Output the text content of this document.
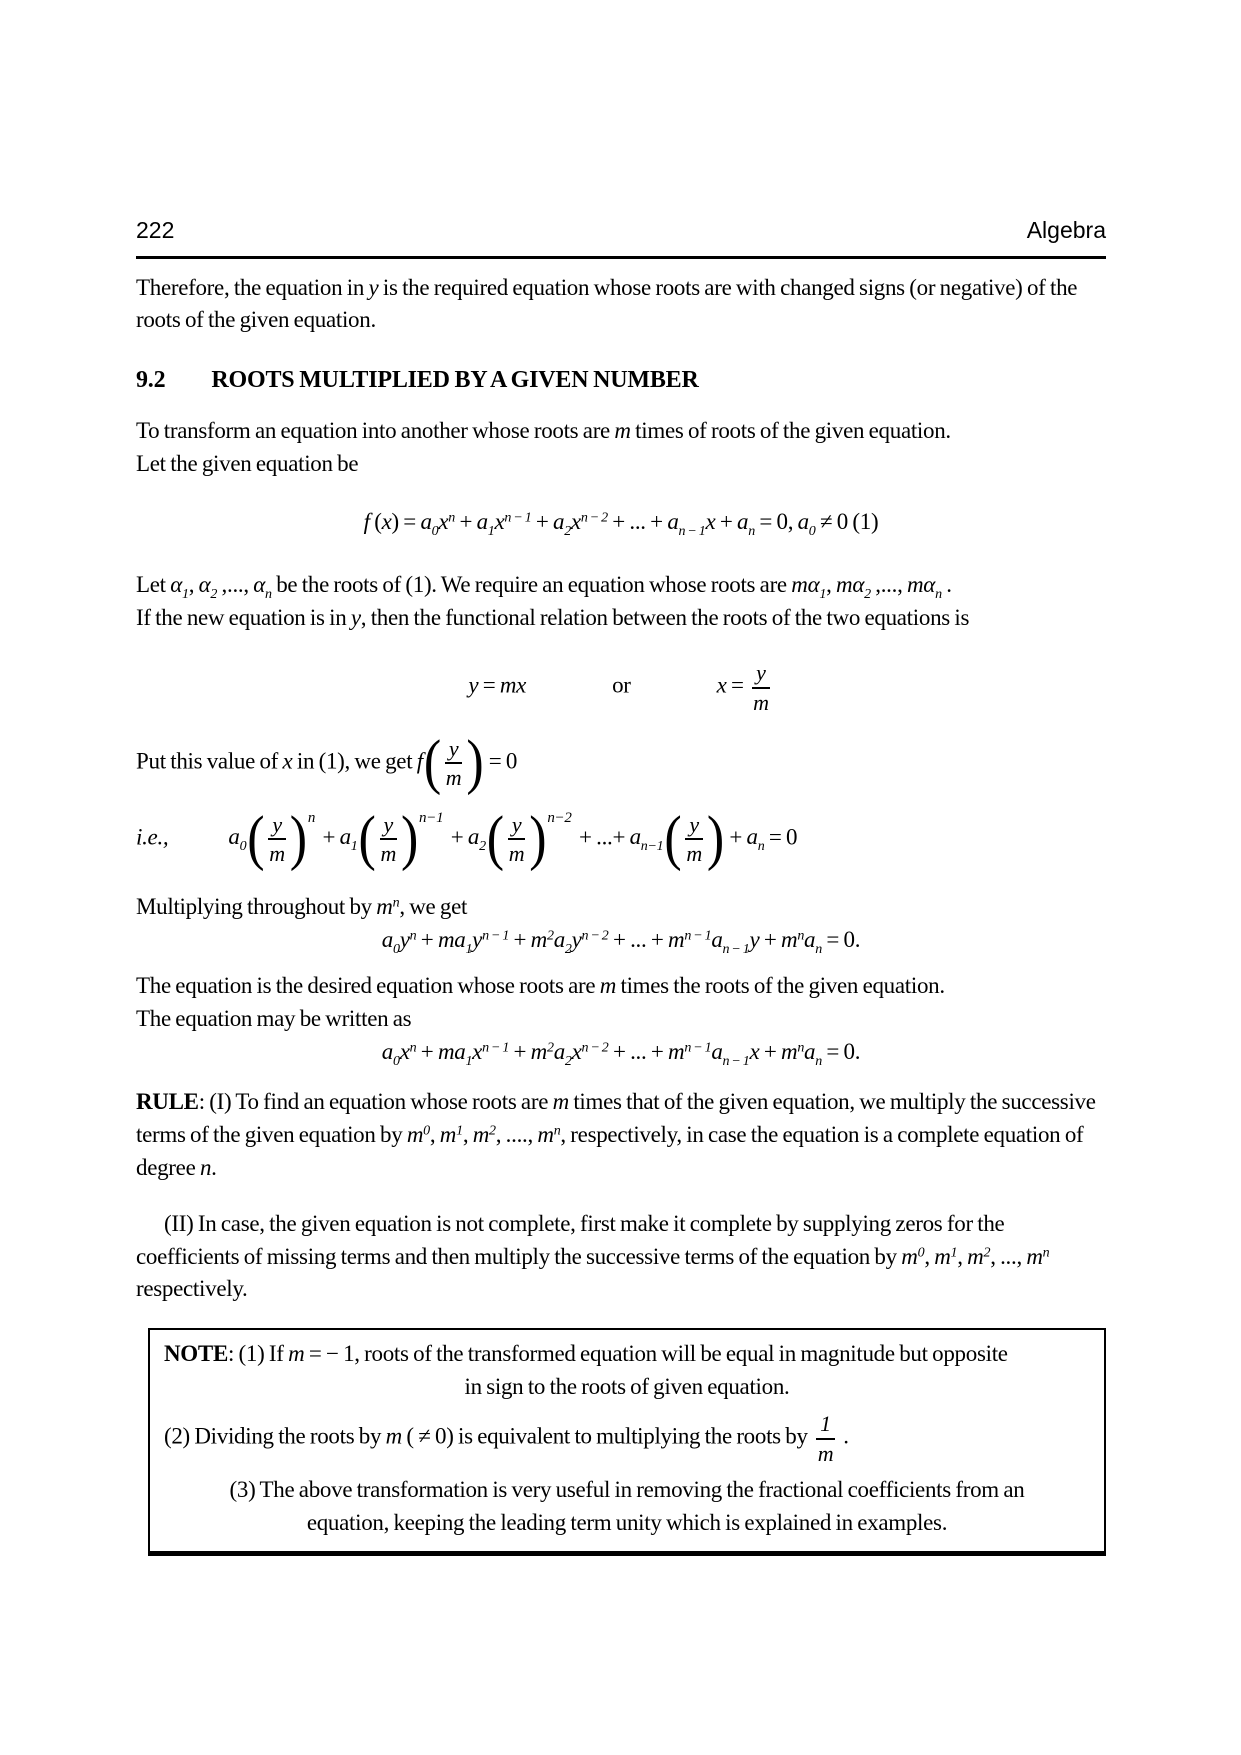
222	Algebra

Therefore, the equation in y is the required equation whose roots are with changed signs (or negative) of the roots of the given equation.

9.2 ROOTS MULTIPLIED BY A GIVEN NUMBER

To transform an equation into another whose roots are m times of roots of the given equation.

Let the given equation be

f $(x) = a_0x^n + a_1x^{n - 1} + a_2x^{n - 2}$ + ... + $a_{n - 1}x + a_n = 0$, $a_0 \ne 0$ (1)

Let $\alpha_1$, $\alpha_2$ ,..., $\alpha_n$ be the roots of (1). We require an equation whose roots are $m\alpha_1$, $m\alpha_2$ ,..., $m\alpha_n$ .

If the new equation is in y, then the functional relation between the roots of the two equations is

y = mx	or	$x = \frac{y}{m}$

Put this value of x in (1), we get f ( $\frac{y}{m}$ ) = 0

i.e.,	$a_0$ ( $\frac{y}{m}$ ) n
+ $a_1$ ( $\frac{y}{m}$ ) n−1
+ $a_2$ ( $\frac{y}{m}$ ) n−2
+ ...+ $a_{n-1}$ ( $\frac{y}{m}$ ) + $a_n = 0$

Multiplying throughout by $m^n$, we get

$a_0y^n + ma_1y^{n - 1} + m^2a_2y^{n - 2}$ + ... + $m^{n - 1}a_{n - 1}y + m^na_n = 0$.

The equation is the desired equation whose roots are m times the roots of the given equation.

The equation may be written as

$a_0x^n + ma_1x^{n - 1} + m^2a_2x^{n - 2}$ + ... + $m^{n - 1}a_{n - 1}x + m^na_n = 0$.

RULE: (I) To find an equation whose roots are m times that of the given equation, we multiply the successive terms of the given equation by $m^0$, $m^1$, $m^2$, ...., $m^n$, respectively, in case the equation is a complete equation of degree n.

(II) In case, the given equation is not complete, first make it complete by supplying zeros for the coefficients of missing terms and then multiply the successive terms of the equation by $m^0$, $m^1$, $m^2$, ..., $m^n$ respectively.

NOTE: (1) If m = − 1, roots of the transformed equation will be equal in magnitude but opposite

in sign to the roots of given equation.

(2) Dividing the roots by m ( ≠ 0) is equivalent to multiplying the roots by $\frac{1}{m}$ .

(3) The above transformation is very useful in removing the fractional coefficients from an

equation, keeping the leading term unity which is explained in examples.
